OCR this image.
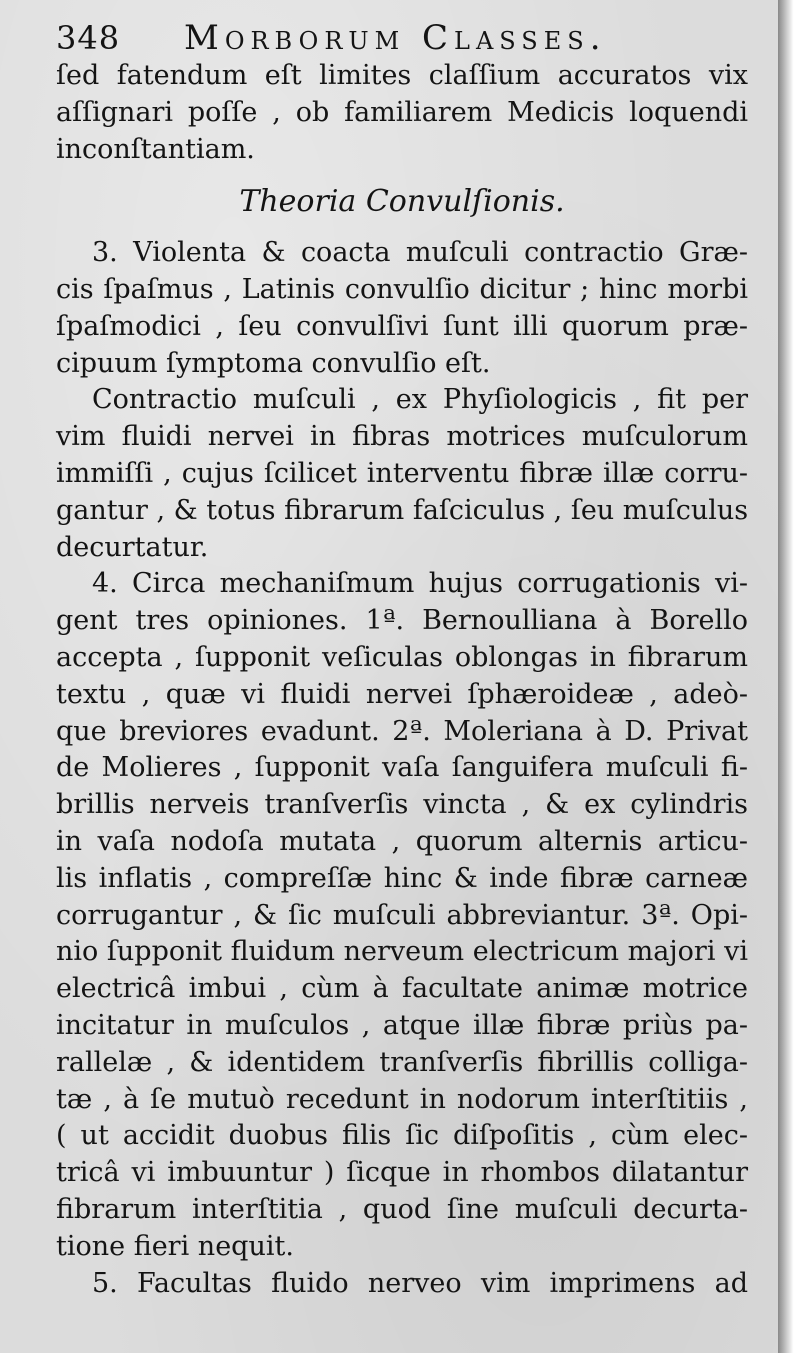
348	Morborum Classes.
ſed fatendum eſt limites claſſium accuratos vix
aſſignari poſſe , ob familiarem Medicis loquendi
inconſtantiam.
Theoria Convulſionis.
3. Violenta & coacta muſculi contractio Græ-
cis ſpaſmus , Latinis convulſio dicitur ; hinc morbi
ſpaſmodici , ſeu convulſivi ſunt illi quorum præ-
cipuum ſymptoma convulſio eſt.
Contractio muſculi , ex Phyſiologicis , fit per
vim fluidi nervei in fibras motrices muſculorum
immiſſi , cujus ſcilicet interventu fibræ illæ corru-
gantur , & totus fibrarum faſciculus , ſeu muſculus
decurtatur.
4. Circa mechaniſmum hujus corrugationis vi-
gent tres opiniones. 1ª. Bernoulliana à Borello
accepta , ſupponit veſiculas oblongas in fibrarum
textu , quæ vi fluidi nervei ſphæroideæ , adeò-
que breviores evadunt. 2ª. Moleriana à D. Privat
de Molieres , ſupponit vaſa ſanguifera muſculi fi-
brillis nerveis tranſverſis vincta , & ex cylindris
in vaſa nodoſa mutata , quorum alternis articu-
lis inflatis , compreſſæ hinc & inde fibræ carneæ
corrugantur , & ſic muſculi abbreviantur. 3ª. Opi-
nio ſupponit fluidum nerveum electricum majori vi
electricâ imbui , cùm à facultate animæ motrice
incitatur in muſculos , atque illæ fibræ priùs pa-
rallelæ , & identidem tranſverſis fibrillis colliga-
tæ , à ſe mutuò recedunt in nodorum interſtitiis ,
( ut accidit duobus filis ſic diſpoſitis , cùm elec-
tricâ vi imbuuntur ) ſicque in rhombos dilatantur
fibrarum interſtitia , quod ſine muſculi decurta-
tione fieri nequit.
5. Facultas fluido nerveo vim imprimens ad
